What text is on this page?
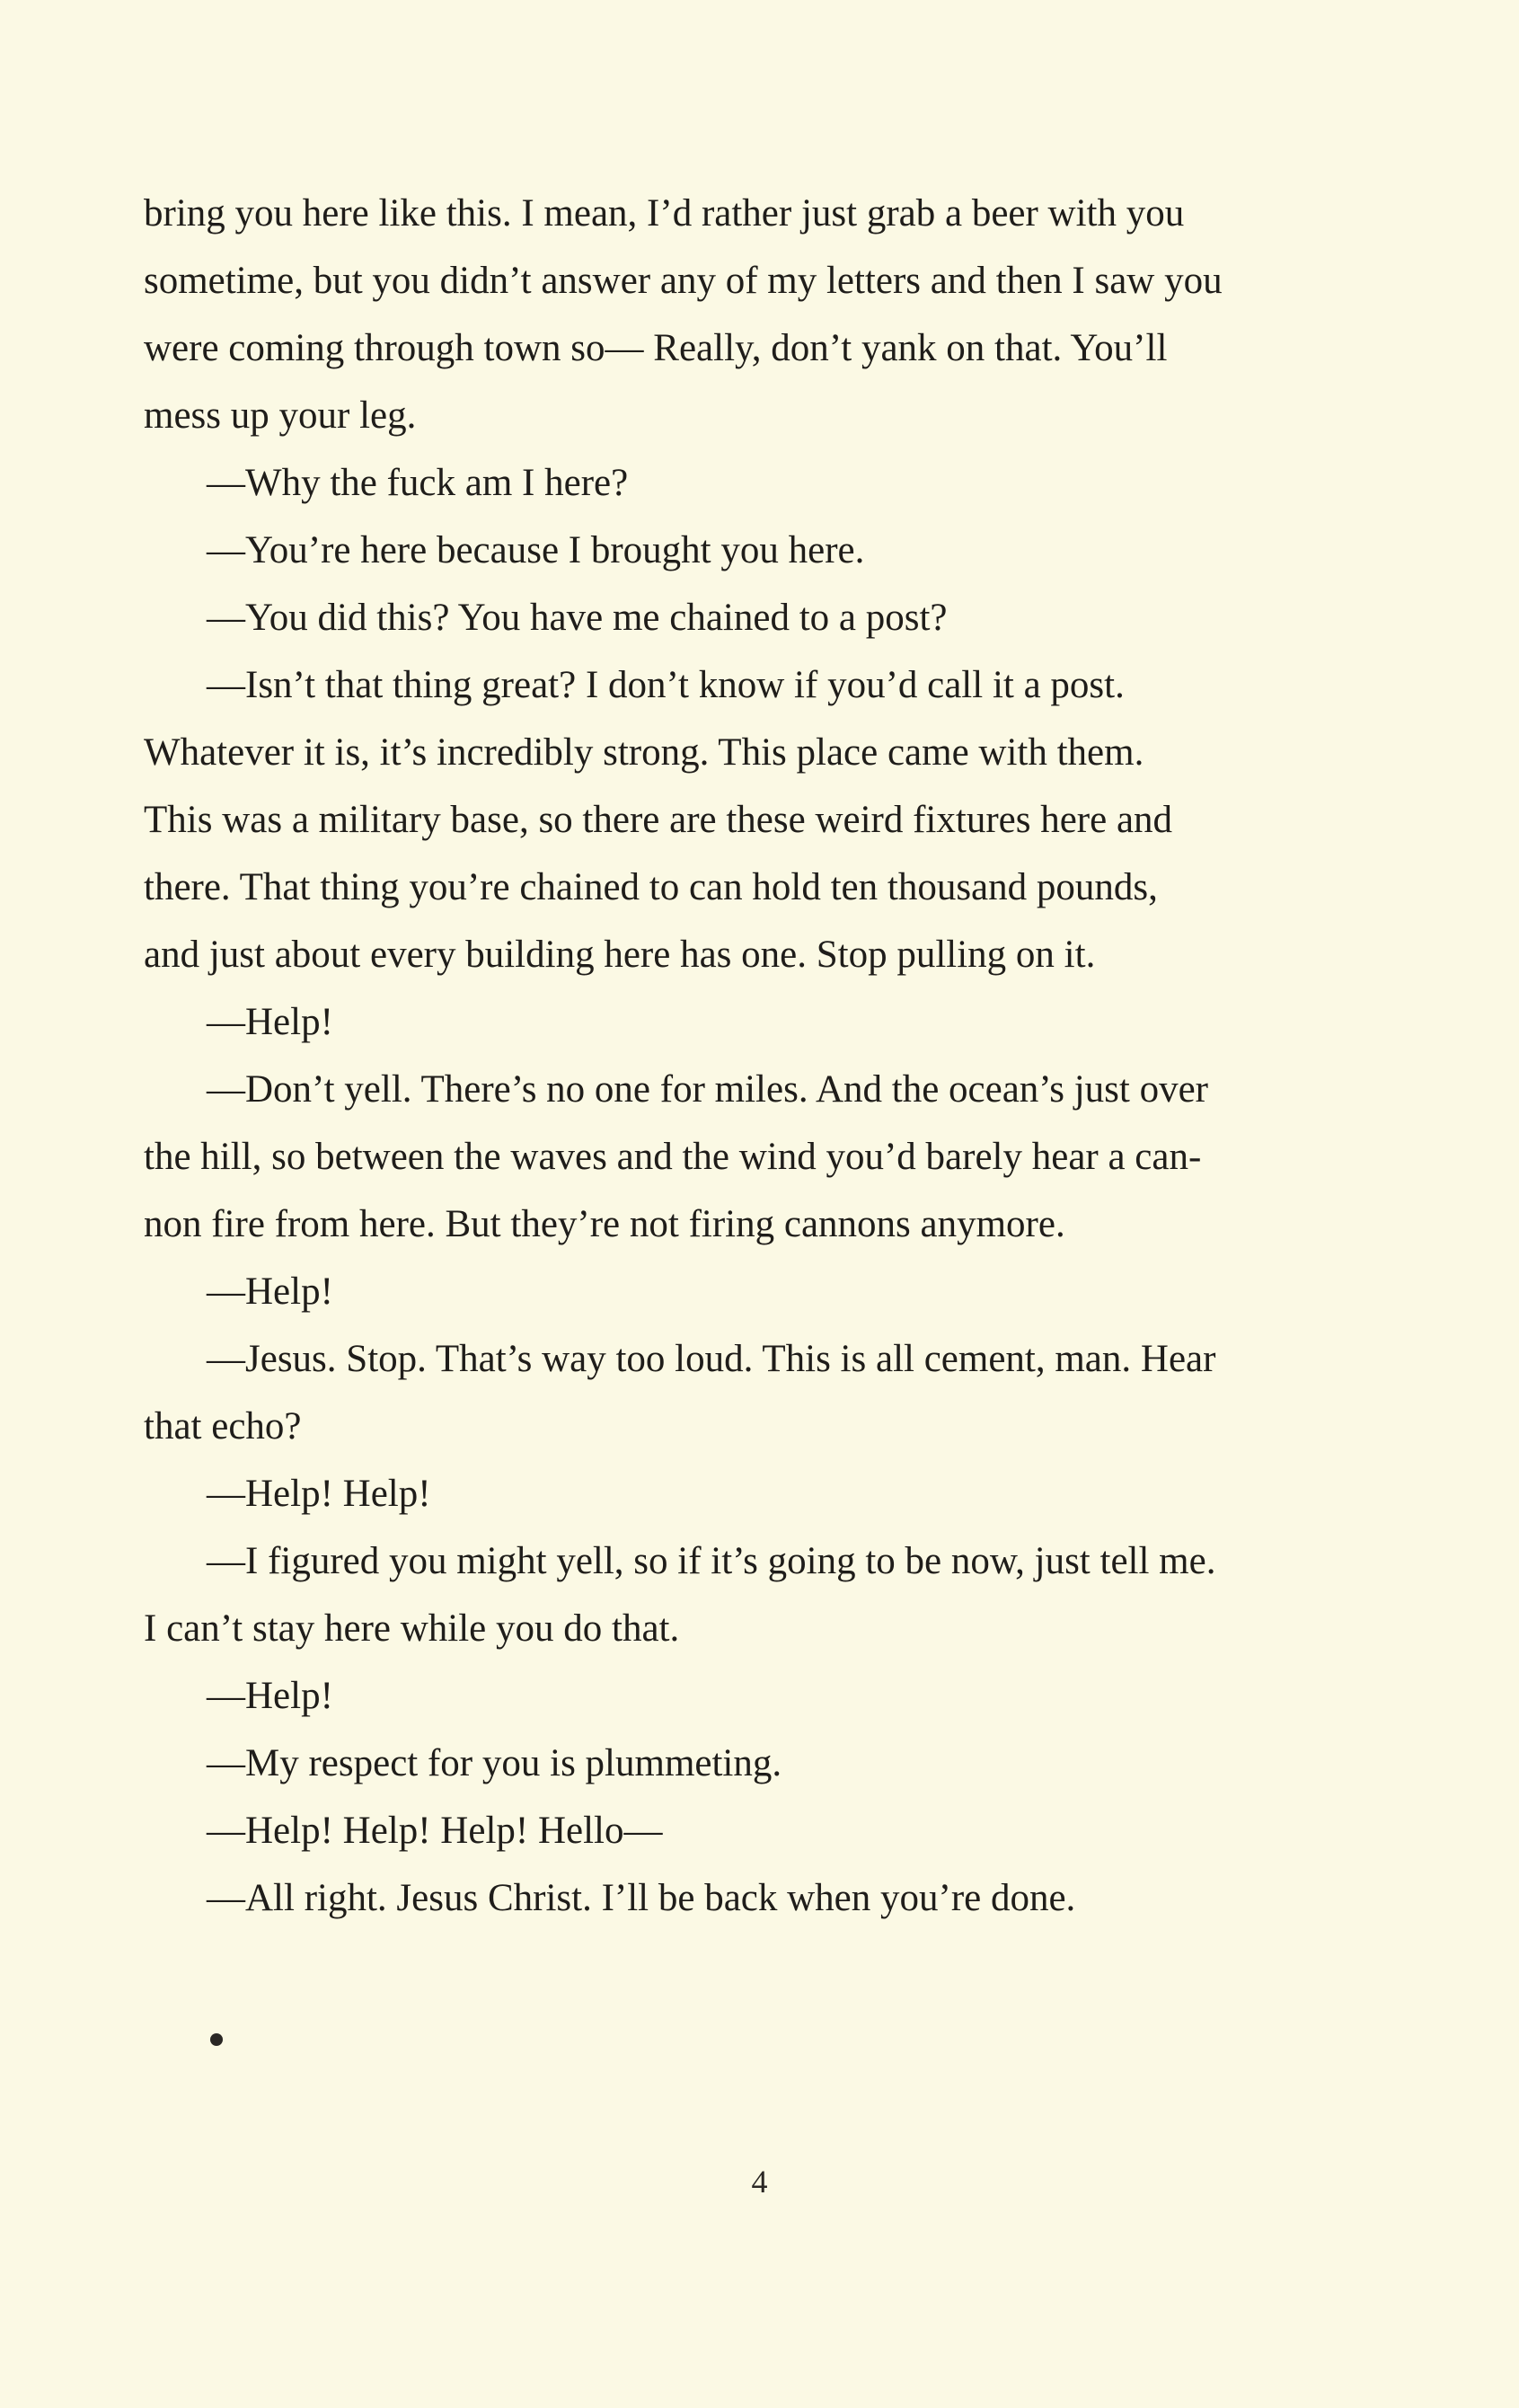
bring you here like this. I mean, I’d rather just grab a beer with you
sometime, but you didn’t answer any of my letters and then I saw you
were coming through town so— Really, don’t yank on that. You’ll
mess up your leg.
—Why the fuck am I here?
—You’re here because I brought you here.
—You did this? You have me chained to a post?
—Isn’t that thing great? I don’t know if you’d call it a post.
Whatever it is, it’s incredibly strong. This place came with them.
This was a military base, so there are these weird fixtures here and
there. That thing you’re chained to can hold ten thousand pounds,
and just about every building here has one. Stop pulling on it.
—Help!
—Don’t yell. There’s no one for miles. And the ocean’s just over
the hill, so between the waves and the wind you’d barely hear a can-
non fire from here. But they’re not firing cannons anymore.
—Help!
—Jesus. Stop. That’s way too loud. This is all cement, man. Hear
that echo?
—Help! Help!
—I figured you might yell, so if it’s going to be now, just tell me.
I can’t stay here while you do that.
—Help!
—My respect for you is plummeting.
—Help! Help! Help! Hello—
—All right. Jesus Christ. I’ll be back when you’re done.
4
